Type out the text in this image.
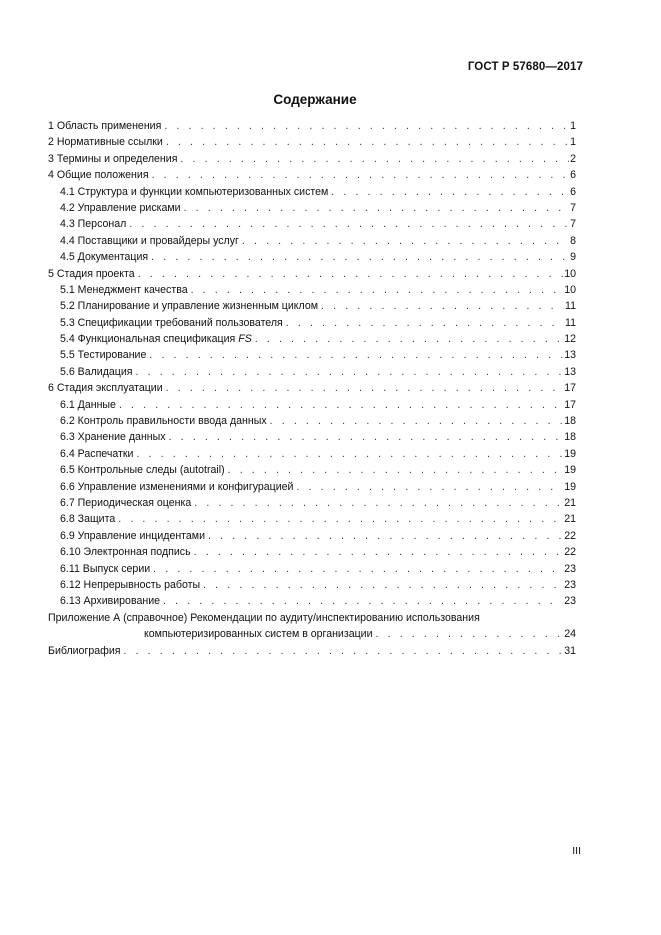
ГОСТ Р 57680—2017
Содержание
1 Область применения . . .	1
2 Нормативные ссылки . . .	1
3 Термины и определения . . .	2
4 Общие положения . . .	6
4.1 Структура и функции компьютеризованных систем . . .	6
4.2 Управление рисками . . .	7
4.3 Персонал . . .	7
4.4 Поставщики и провайдеры услуг . . .	8
4.5 Документация . . .	9
5 Стадия проекта . . .	10
5.1 Менеджмент качества . . .	10
5.2 Планирование и управление жизненным циклом . . .	11
5.3 Спецификации требований пользователя . . .	11
5.4 Функциональная спецификация FS . . .	12
5.5 Тестирование . . .	13
5.6 Валидация . . .	13
6 Стадия эксплуатации . . .	17
6.1 Данные . . .	17
6.2 Контроль правильности ввода данных . . .	18
6.3 Хранение данных . . .	18
6.4 Распечатки . . .	19
6.5 Контрольные следы (autotrail) . . .	19
6.6 Управление изменениями и конфигурацией . . .	19
6.7 Периодическая оценка . . .	21
6.8 Защита . . .	21
6.9 Управление инцидентами . . .	22
6.10 Электронная подпись . . .	22
6.11 Выпуск серии . . .	23
6.12 Непрерывность работы . . .	23
6.13 Архивирование . . .	23
Приложение А (справочное) Рекомендации по аудиту/инспектированию использования
компьютеризированных систем в организации . . .	24
Библиография . . .	31
III
